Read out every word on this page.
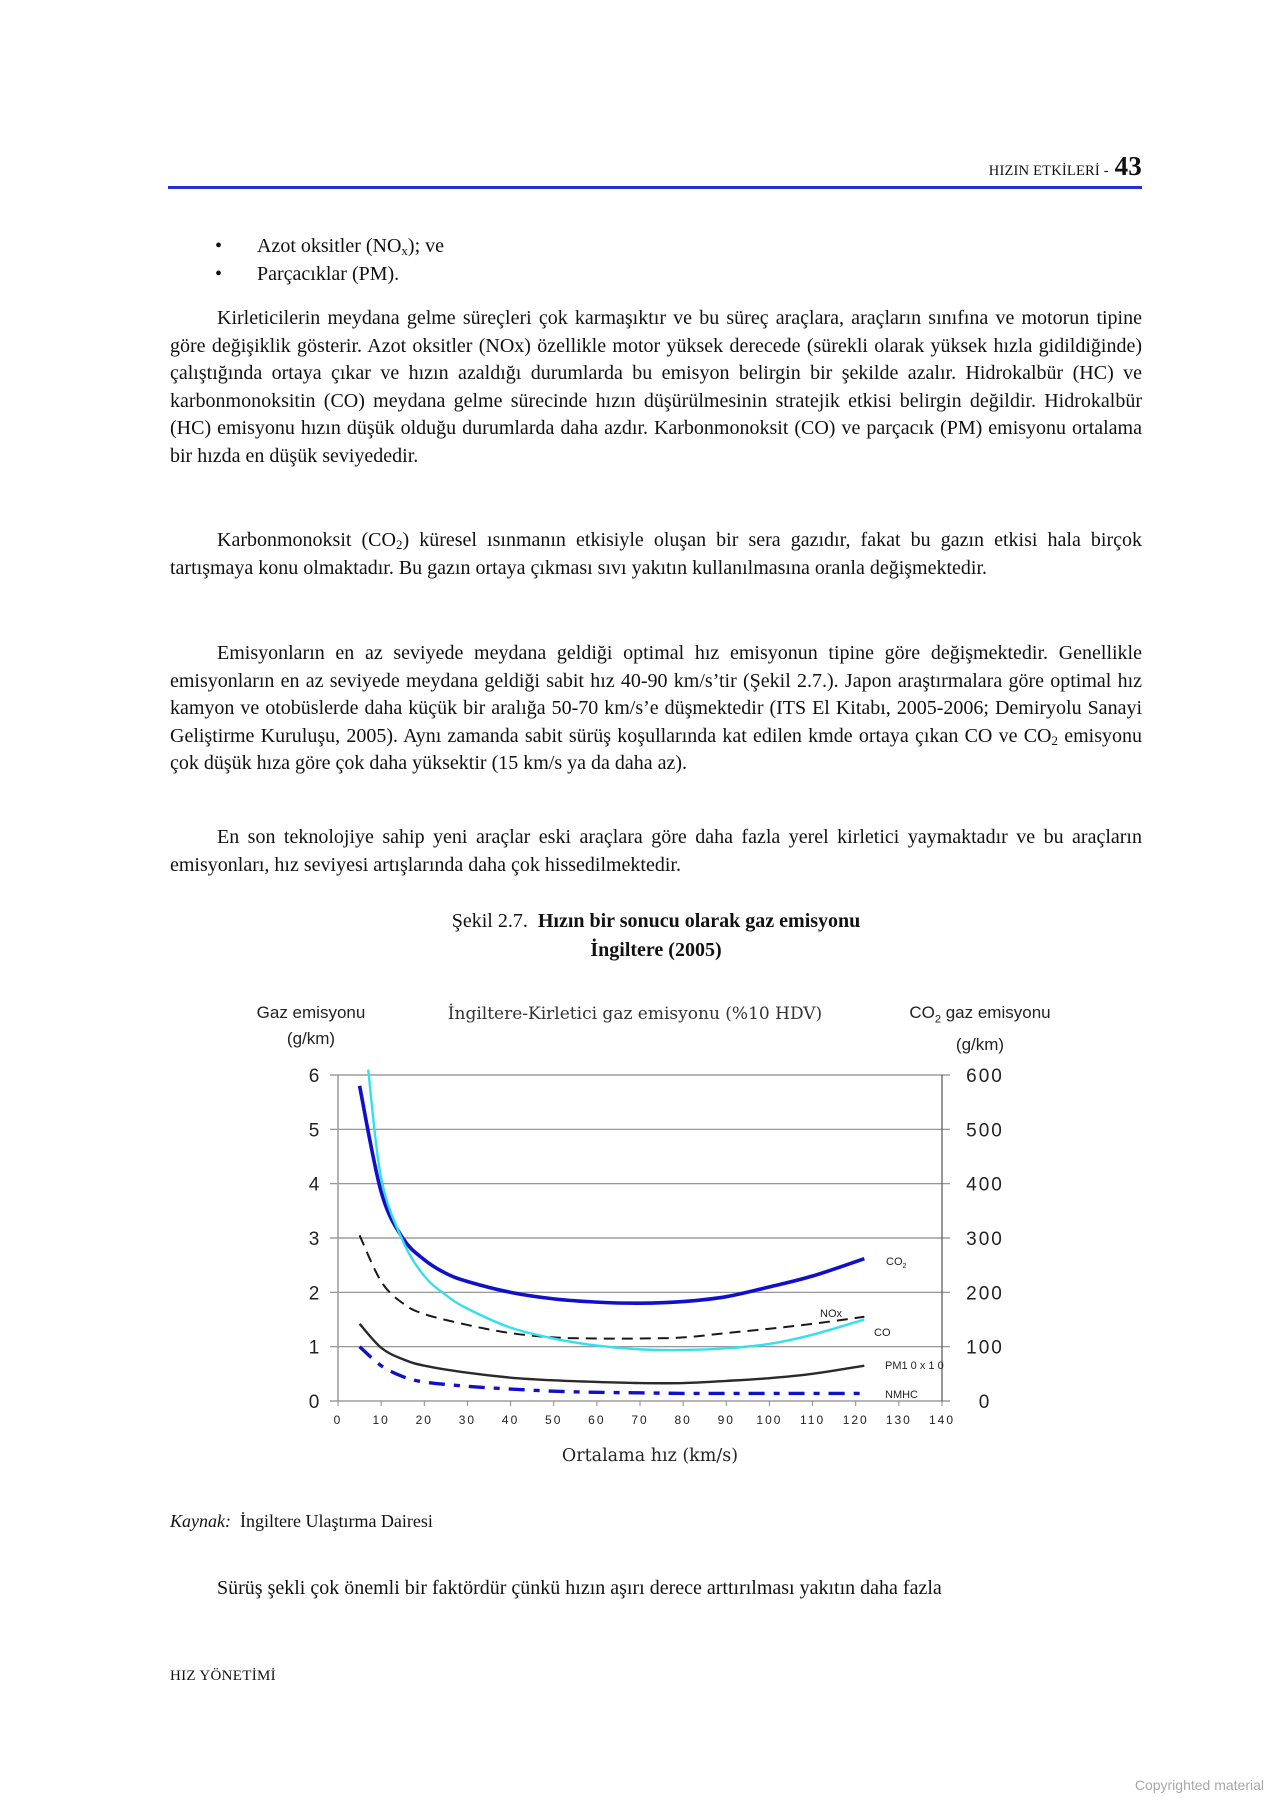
HIZIN ETKİLERİ - 43
• Azot oksitler $(NO_x)$; ve
• Parçacıklar (PM).

Kirleticilerin meydana gelme süreçleri çok karmaşıktır ve bu süreç araçlara, araçların sınıfına ve motorun tipine göre değişiklik gösterir. Azot oksitler (NOx) özellikle motor yüksek derecede (sürekli olarak yüksek hızla gidildiğinde) çalıştığında ortaya çıkar ve hızın azaldığı durumlarda bu emisyon belirgin bir şekilde azalır. Hidrokalbür (HC) ve karbonmonoksitin (CO) meydana gelme sürecinde hızın düşürülmesinin stratejik etkisi belirgin değildir. Hidrokalbür (HC) emisyonu hızın düşük olduğu durumlarda daha azdır. Karbonmonoksit (CO) ve parçacık (PM) emisyonu ortalama bir hızda en düşük seviyededir.

Karbonmonoksit $(CO_2)$ küresel ısınmanın etkisiyle oluşan bir sera gazıdır, fakat bu gazın etkisi hala birçok tartışmaya konu olmaktadır. Bu gazın ortaya çıkması sıvı yakıtın kullanılmasına oranla değişmektedir.

Emisyonların en az seviyede meydana geldiği optimal hız emisyonun tipine göre değişmektedir. Genellikle emisyonların en az seviyede meydana geldiği sabit hız 40-90 km/s’tir (Şekil 2.7.). Japon araştırmalara göre optimal hız kamyon ve otobüslerde daha küçük bir aralığa 50-70 km/s’e düşmektedir (ITS El Kitabı, 2005-2006; Demiryolu Sanayi Geliştirme Kuruluşu, 2005). Aynı zamanda sabit sürüş koşullarında kat edilen kmde ortaya çıkan CO ve $CO_2$ emisyonu çok düşük hıza göre çok daha yüksektir (15 km/s ya da daha az).

En son teknolojiye sahip yeni araçlar eski araçlara göre daha fazla yerel kirletici yaymaktadır ve bu araçların emisyonları, hız seviyesi artışlarında daha çok hissedilmektedir.

Şekil 2.7. Hızın bir sonucu olarak gaz emisyonu
İngiltere (2005)
0	0
1	100
2	200
3	300
4	400
5	500
6	600
0	10 20 30 40 50 60 70 80 90 100 110 120 130 140
$CO_2$
NOx
CO
PM1 0 x 1 0
NMHC
Gaz emisyonu
(g/km)
İngiltere-Kirletici gaz emisyonu (%10 HDV)	$CO_2$ gaz emisyonu
(g/km)
Ortalama hız (km/s)
Kaynak: İngiltere Ulaştırma Dairesi

Sürüş şekli çok önemli bir faktördür çünkü hızın aşırı derece arttırılması yakıtın daha fazla

HIZ YÖNETİMİ
Copyrighted material
